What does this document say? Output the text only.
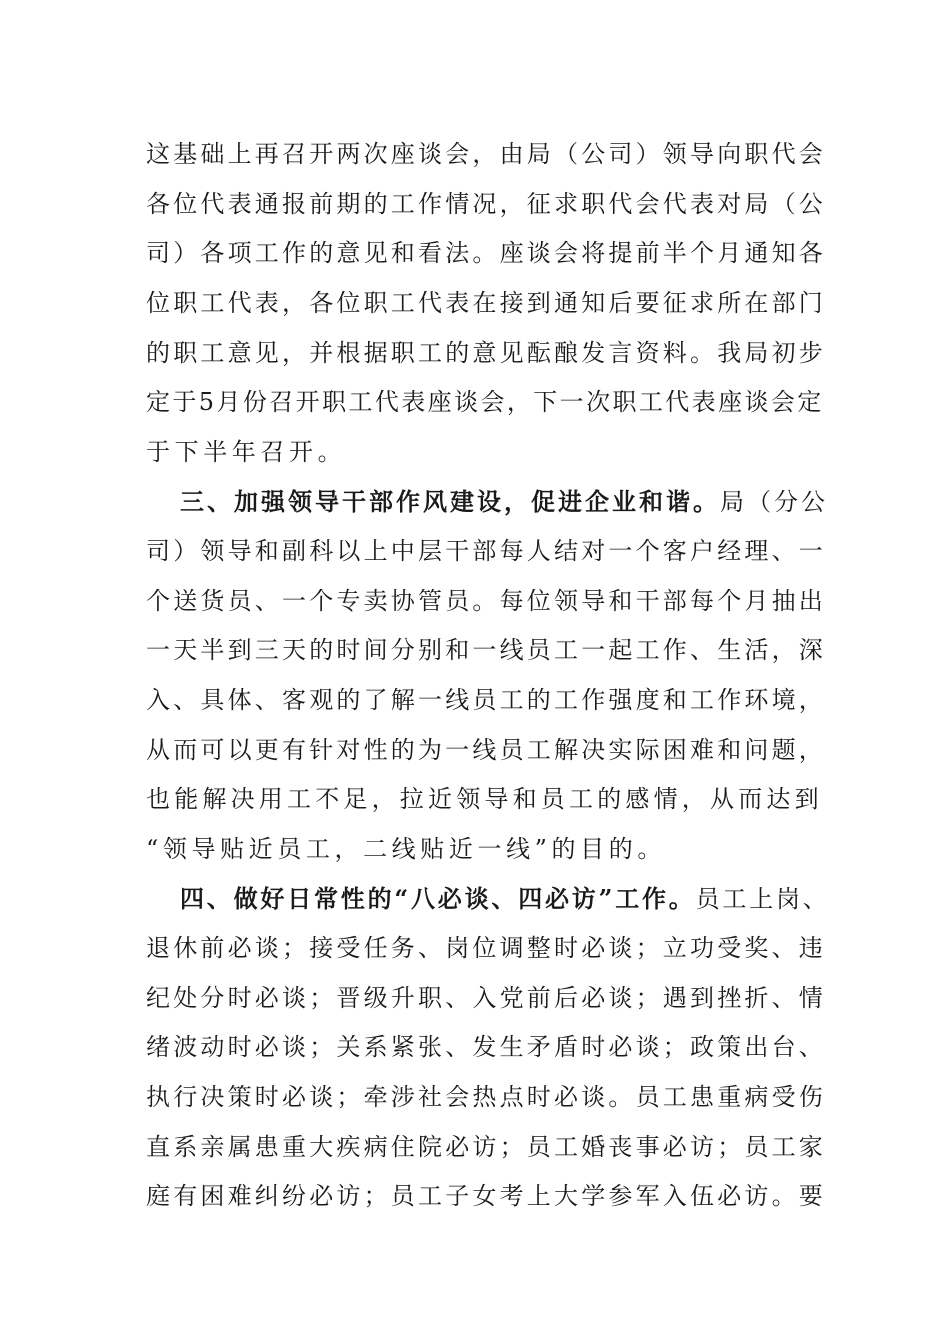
这基础上再召开两次座谈会，由局（公司）领导向职代会
各位代表通报前期的工作情况，征求职代会代表对局（公
司）各项工作的意见和看法。座谈会将提前半个月通知各
位职工代表，各位职工代表在接到通知后要征求所在部门
的职工意见，并根据职工的意见酝酿发言资料。我局初步
定于5月份召开职工代表座谈会，下一次职工代表座谈会定
于下半年召开。
三、加强领导干部作风建设，促进企业和谐。局（分公
司）领导和副科以上中层干部每人结对一个客户经理、一
个送货员、一个专卖协管员。每位领导和干部每个月抽出
一天半到三天的时间分别和一线员工一起工作、生活，深
入、具体、客观的了解一线员工的工作强度和工作环境，
从而可以更有针对性的为一线员工解决实际困难和问题，
也能解决用工不足，拉近领导和员工的感情，从而达到
“领导贴近员工，二线贴近一线”的目的。
四、做好日常性的“八必谈、四必访”工作。员工上岗、
退休前必谈；接受任务、岗位调整时必谈；立功受奖、违
纪处分时必谈；晋级升职、入党前后必谈；遇到挫折、情
绪波动时必谈；关系紧张、发生矛盾时必谈；政策出台、
执行决策时必谈；牵涉社会热点时必谈。员工患重病受伤
直系亲属患重大疾病住院必访；员工婚丧事必访；员工家
庭有困难纠纷必访；员工子女考上大学参军入伍必访。要
